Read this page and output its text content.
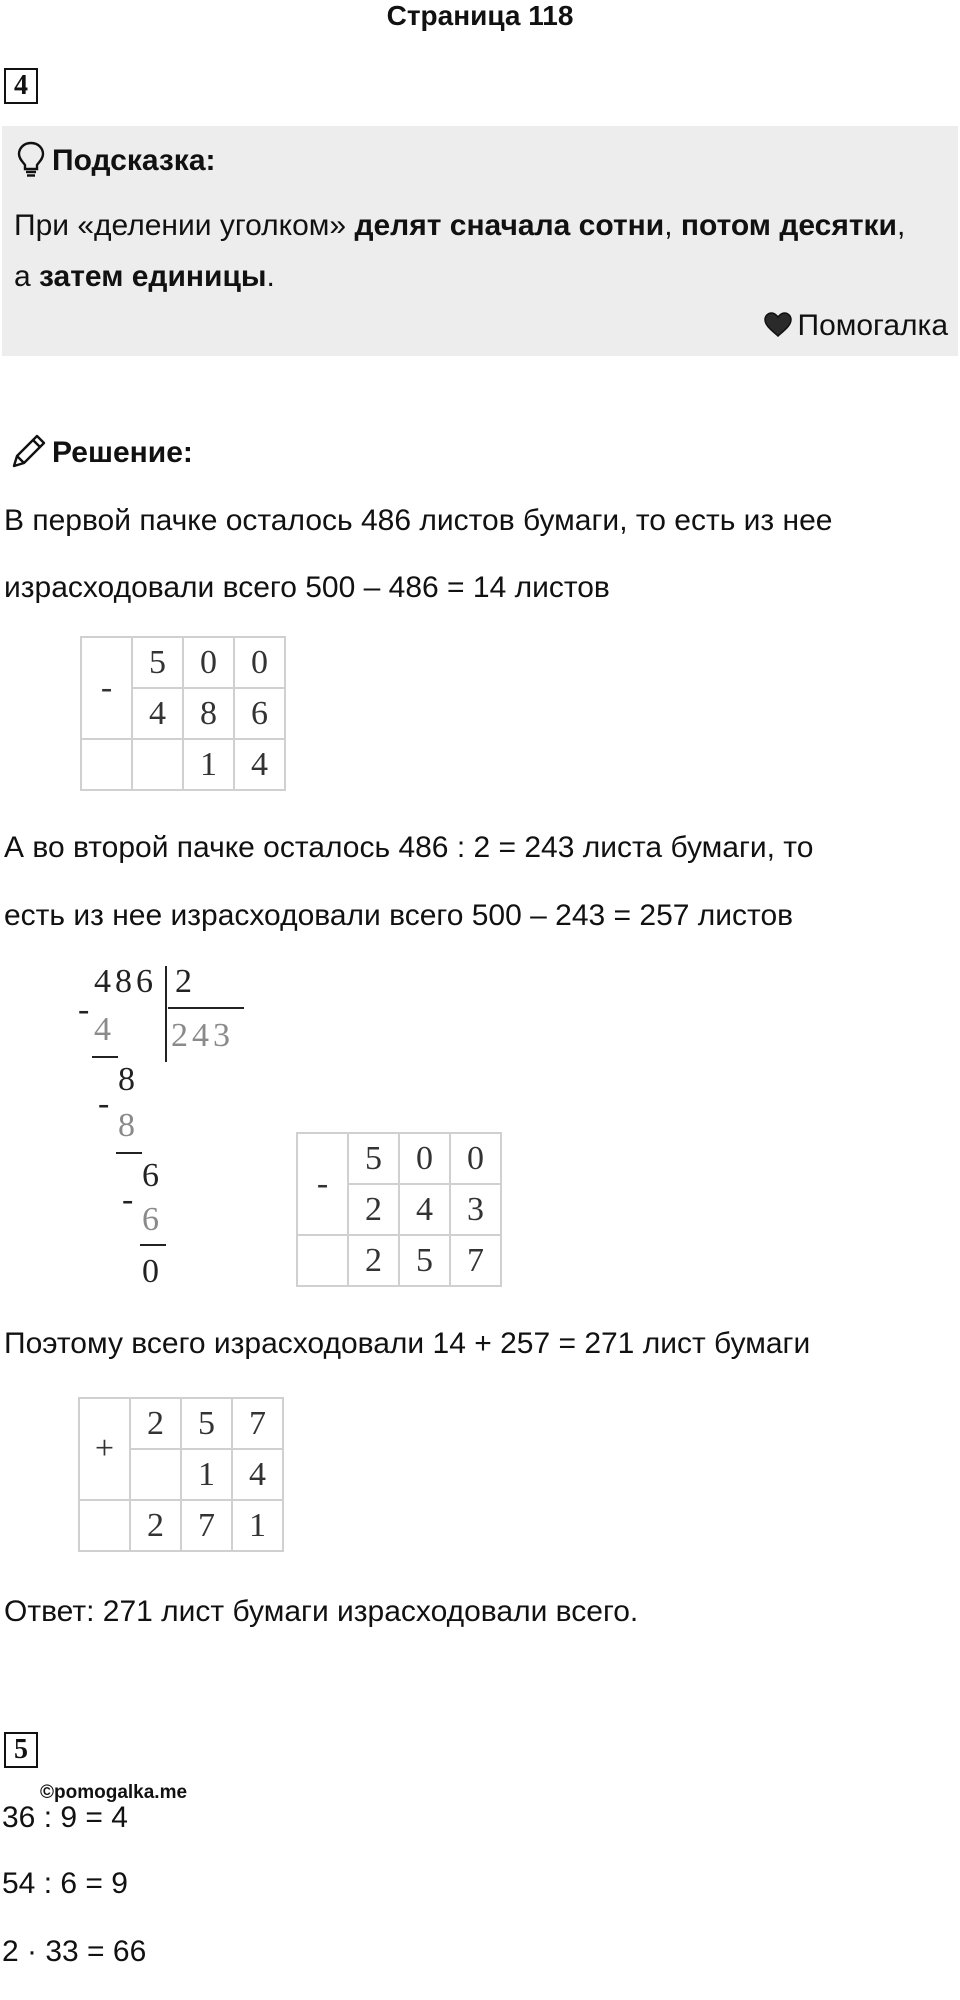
Страница 118
4
Подсказка:
При «делении уголком» делят сначала сотни, потом десятки, а затем единицы.
Помогалка
Решение:
В первой пачке осталось 486 листов бумаги, то есть из нее
израсходовали всего 500 – 486 = 14 листов
-	5	0	0
	4	8	6
		1	4
А во второй пачке осталось 486 : 2 = 243 листа бумаги, то
есть из нее израсходовали всего 500 – 243 = 257 листов
486 2
243
-
4
8
-
8
6
-
6
0
-	5	0	0
	2	4	3
	2	5	7
Поэтому всего израсходовали 14 + 257 = 271 лист бумаги
+	2	5	7
		1	4
	2	7	1
Ответ: 271 лист бумаги израсходовали всего.
5
©pomogalka.me
36 : 9 = 4
54 : 6 = 9
2 · 33 = 66
